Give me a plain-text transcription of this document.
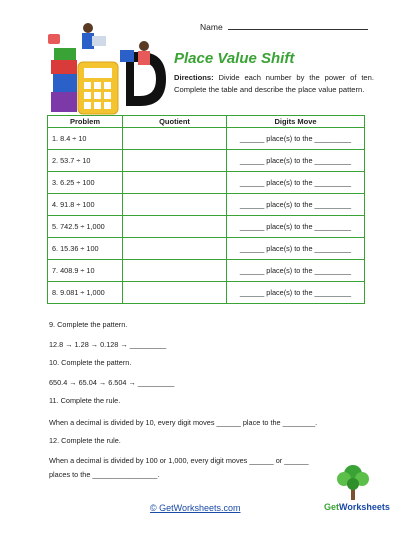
Name
Place Value Shift
Directions: Divide each number by the power of ten. Complete the table and describe the place value pattern.
Problem	Quotient	Digits Move
1. 8.4 ÷ 10		______ place(s) to the _________
2. 53.7 ÷ 10		______ place(s) to the _________
3. 6.25 ÷ 100		______ place(s) to the _________
4. 91.8 ÷ 100		______ place(s) to the _________
5. 742.5 ÷ 1,000		______ place(s) to the _________
6. 15.36 ÷ 100		______ place(s) to the _________
7. 408.9 ÷ 10		______ place(s) to the _________
8. 9.081 ÷ 1,000		______ place(s) to the _________
9. Complete the pattern.
12.8 → 1.28 → 0.128 → _________
10. Complete the pattern.
650.4 → 65.04 → 6.504 → _________
11. Complete the rule.
When a decimal is divided by 10, every digit moves ______ place to the ________.
12. Complete the rule.
When a decimal is divided by 100 or 1,000, every digit moves ______ or ______
places to the ________________.
© GetWorksheets.com	GetWorksheets
